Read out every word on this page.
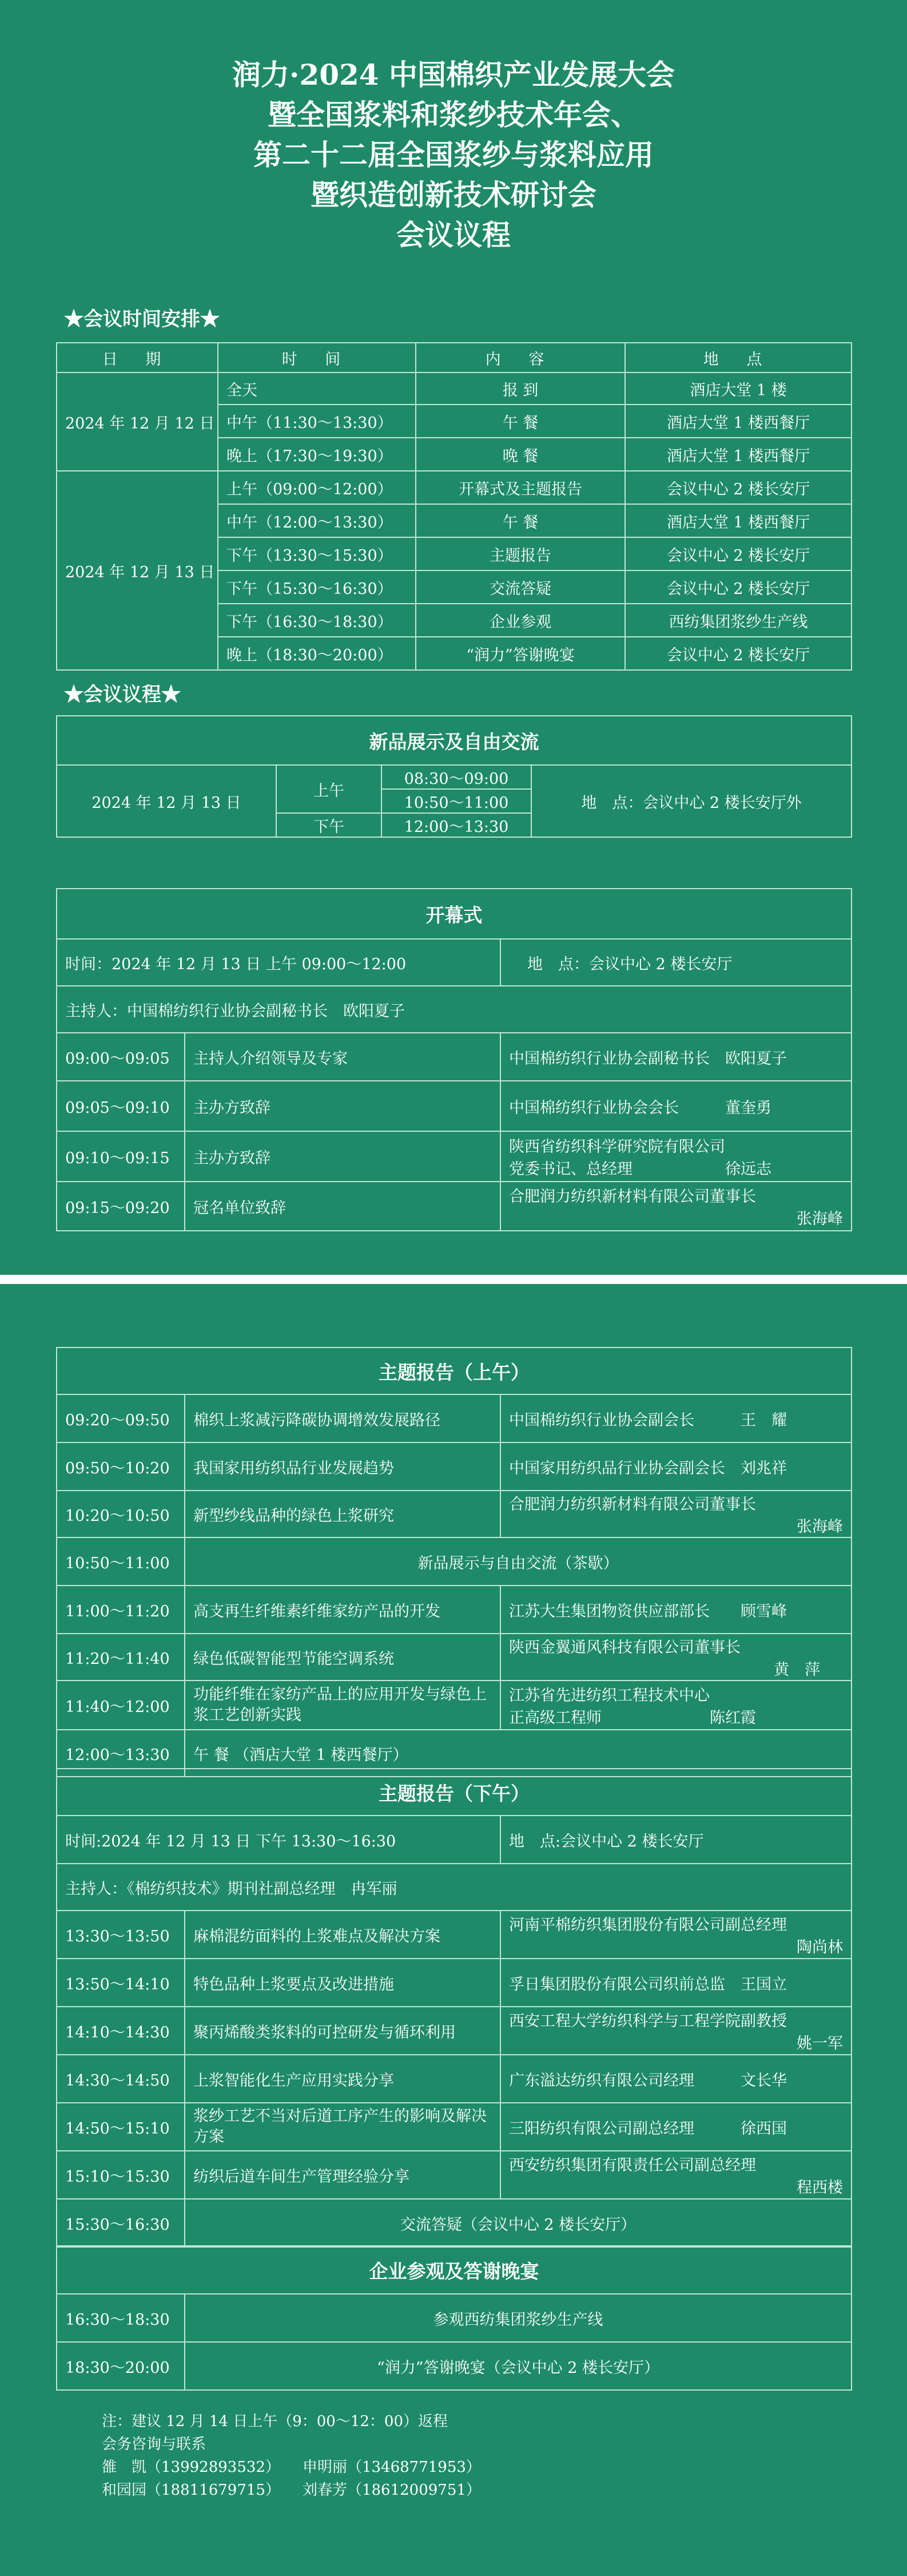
润力·2024 中国棉织产业发展大会
暨全国浆料和浆纱技术年会、
第二十二届全国浆纱与浆料应用
暨织造创新技术研讨会
会议议程
★会议时间安排★
日 期	时 间	内 容	地 点
2024 年 12 月 12 日	全天	报 到	酒店大堂 1 楼
	中午（11:30～13:30）	午 餐	酒店大堂 1 楼西餐厅
	晚上（17:30～19:30）	晚 餐	酒店大堂 1 楼西餐厅
2024 年 12 月 13 日	上午（09:00～12:00）	开幕式及主题报告	会议中心 2 楼长安厅
	中午（12:00～13:30）	午 餐	酒店大堂 1 楼西餐厅
	下午（13:30～15:30）	主题报告	会议中心 2 楼长安厅
	下午（15:30～16:30）	交流答疑	会议中心 2 楼长安厅
	下午（16:30～18:30）	企业参观	西纺集团浆纱生产线
	晚上（18:30～20:00）	“润力”答谢晚宴	会议中心 2 楼长安厅
★会议议程★
新品展示及自由交流			
2024 年 12 月 13 日	上午	08:30～09:00	地　点：会议中心 2 楼长安厅外
		10:50～11:00	
	下午	12:00～13:30	
开幕式		
时间：2024 年 12 月 13 日 上午 09:00～12:00		地　点：会议中心 2 楼长安厅
主持人：中国棉纺织行业协会副秘书长　欧阳夏子		
09:00～09:05	主持人介绍领导及专家	中国棉纺织行业协会副秘书长　欧阳夏子

09:05～09:10	主办方致辞	中国棉纺织行业协会会长　　　董奎勇

09:10～09:15	主办方致辞	陕西省纺织科学研究院有限公司
党委书记、总经理　　　　　　徐远志

09:15～09:20	冠名单位致辞	合肥润力纺织新材料有限公司董事长
张海峰
主题报告（上午）		
09:20～09:50	棉织上浆减污降碳协调增效发展路径	中国棉纺织行业协会副会长　　　王　耀

09:50～10:20	我国家用纺织品行业发展趋势	中国家用纺织品行业协会副会长　刘兆祥

10:20～10:50	新型纱线品种的绿色上浆研究	合肥润力纺织新材料有限公司董事长
张海峰

10:50～11:00	新品展示与自由交流（茶歇）	
11:00～11:20	高支再生纤维素纤维家纺产品的开发	江苏大生集团物资供应部部长　　顾雪峰

11:20～11:40	绿色低碳智能型节能空调系统	陕西金翼通风科技有限公司董事长
黄　萍

11:40～12:00	功能纤维在家纺产品上的应用开发与绿色上浆工艺创新实践	江苏省先进纺织工程技术中心
正高级工程师　　　　　　　陈红霞

12:00～13:30	午 餐 （酒店大堂 1 楼西餐厅）	
主题报告（下午）		
时间:2024 年 12 月 13 日 下午 13:30～16:30		地　点:会议中心 2 楼长安厅
主持人：《棉纺织技术》期刊社副总经理　冉军丽		
13:30～13:50	麻棉混纺面料的上浆难点及解决方案	河南平棉纺织集团股份有限公司副总经理
陶尚林

13:50～14:10	特色品种上浆要点及改进措施	孚日集团股份有限公司织前总监　王国立

14:10～14:30	聚丙烯酸类浆料的可控研发与循环利用	西安工程大学纺织科学与工程学院副教授
姚一军

14:30～14:50	上浆智能化生产应用实践分享	广东溢达纺织有限公司经理　　　文长华

14:50～15:10	浆纱工艺不当对后道工序产生的影响及解决方案	三阳纺织有限公司副总经理　　　徐西国

15:10～15:30	纺织后道车间生产管理经验分享	西安纺织集团有限责任公司副总经理
程西楼

15:30～16:30	交流答疑（会议中心 2 楼长安厅）	
企业参观及答谢晚宴	
16:30～18:30	参观西纺集团浆纱生产线
18:30～20:00	“润力”答谢晚宴（会议中心 2 楼长安厅）
注：建议 12 月 14 日上午（9：00～12：00）返程
会务咨询与联系
雒　凯（13992893532）　　申明丽（13468771953）
和园园（18811679715）　　刘春芳（18612009751）
